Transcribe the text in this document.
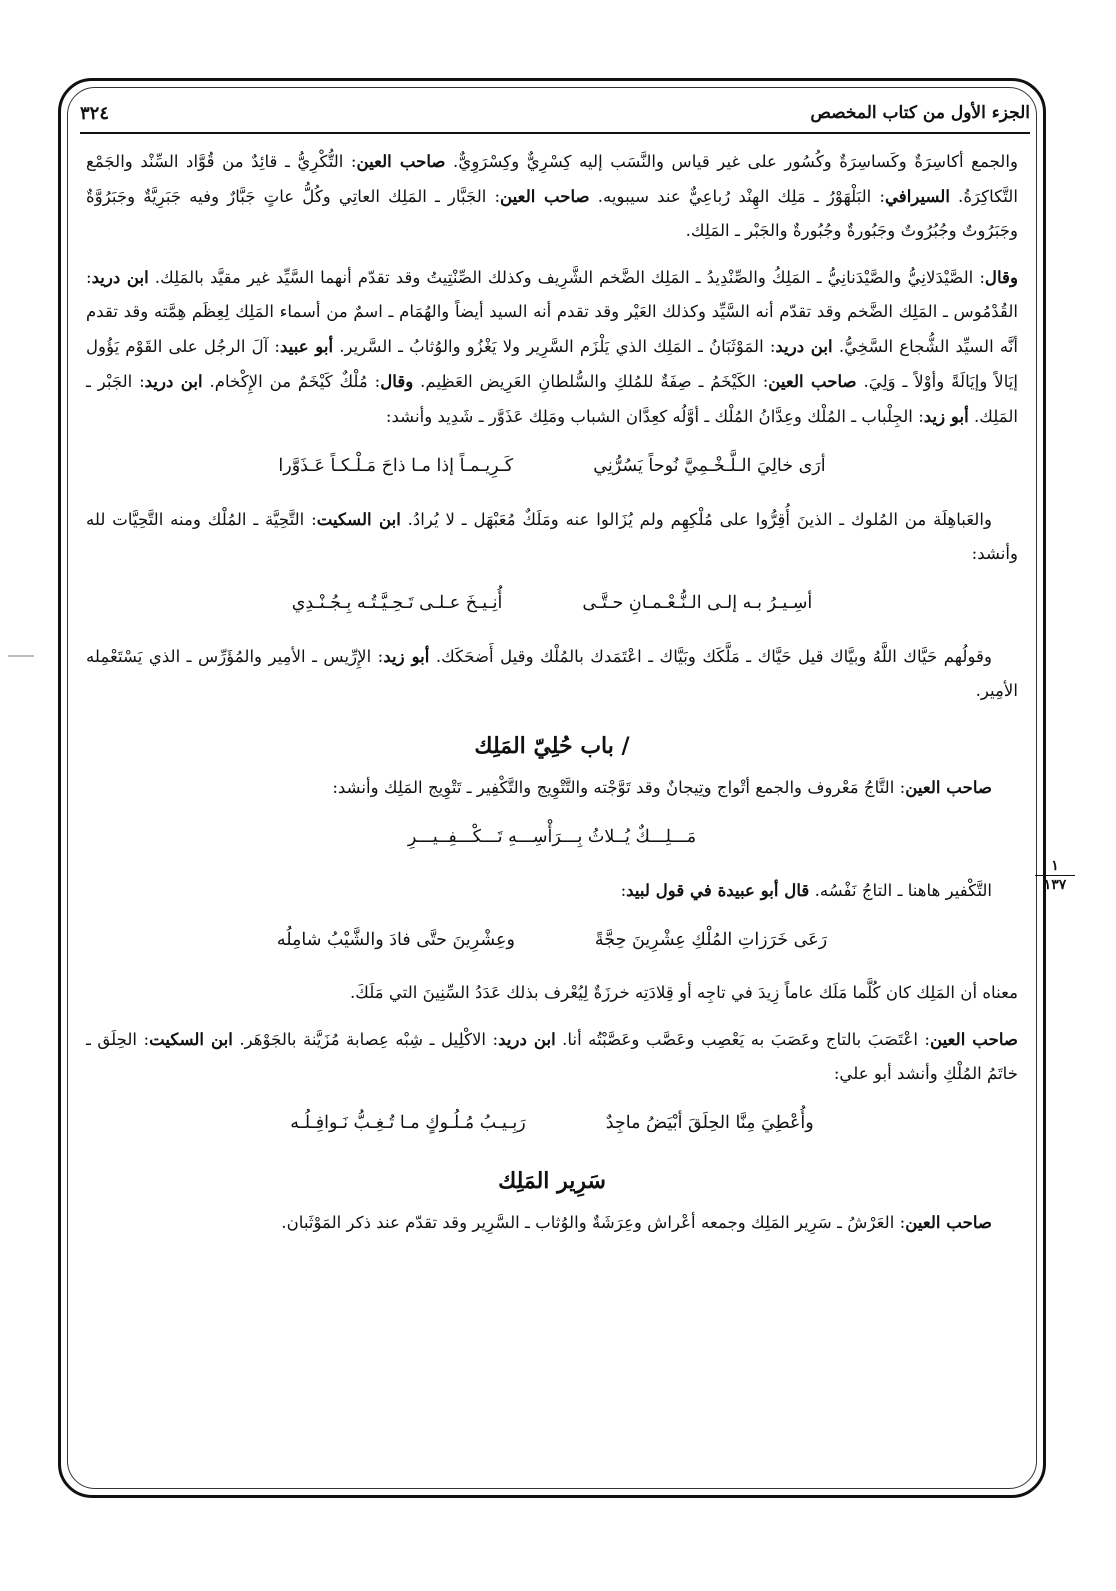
الجزء الأول من كتاب المخصص
٣٢٤
١
١٣٧

والجمع أكاسِرَةٌ وكَساسِرَةٌ وكُسُور على غير قياس والنَّسَب إليه كِسْرِيٌّ وكِسْرَوِيٌّ. صاحب العين: التُّكْرِيُّ ـ قائِدٌ من قُوَّاد السِّنْد والجَمْع التَّكاكِرَةُ. السيرافي: البَلْهَوْرُ ـ مَلِك الهِنْد رُباعِيٌّ عند سيبويه. صاحب العين: الجَبَّار ـ المَلِك العاتِي وكُلُّ عاتٍ جَبَّارٌ وفيه جَبَرِيَّةٌ وجَبَرُوَّةٌ وجَبَرُوتٌ وجُبُرُوتٌ وجَبُورةٌ وجُبُورةٌ والجَبْر ـ المَلِك.

وقال: الصَّيْدَلانِيُّ والصَّيْدَنانِيُّ ـ المَلِكُ والصِّنْدِيدُ ـ المَلِك الضَّخم الشَّرِيف وكذلك الصِّنْتِيتُ وقد تقدّم أنهما السَّيِّد غير مقيَّد بالمَلِك. ابن دريد: القُدْمُوس ـ المَلِك الضَّخم وقد تقدّم أنه السَّيِّد وكذلك العَيْر وقد تقدم أنه السيد أيضاً والهُمَام ـ اسمٌ من أسماء المَلِك لِعِظَم هِمَّته وقد تقدم أنَّه السيِّد الشُّجاع السَّخِيُّ. ابن دريد: المَوْثَبَانُ ـ المَلِك الذي يَلْزَم السَّرِير ولا يَغْزُو والوُثابُ ـ السَّرير. أبو عبيد: آلَ الرجُل على القَوْم يَؤُول إيَالاً وإيَالَةً وأوْلاً ـ وَلِيَ. صاحب العين: الكَيْخَمُ ـ صِفَةٌ للمُلكِ والسُّلطانِ العَرِيض العَظِيم. وقال: مُلْكٌ كَيْخَمٌ من الإِكْخام. ابن دريد: الجَبْر ـ المَلِك. أبو زيد: الجِلْباب ـ المُلْك وعِدَّانُ المُلْك ـ أوَّلُه كعِدَّان الشباب ومَلِك عَذَوَّر ـ شَدِيد وأنشد:

أرَى خالِيَ الـلَّـخْـمِيَّ نُوحاً يَسُرُّنِي
كَـرِيـمـاً إذا مـا ذاحَ مَـلْـكـاً عَـذَوَّرا

والعَباهِلَة من المُلوك ـ الذينَ أُقِرُّوا على مُلْكِهِم ولم يُزَالوا عنه ومَلَكٌ مُعَبْهَل ـ لا يُرادُ. ابن السكيت: التَّحِيَّة ـ المُلْك ومنه التَّحِيَّات لله وأنشد:

أسِـيـرُ بـه إلـى الـنُّـعْـمـانِ حـتَّـى
أُنِـيـخَ عـلـى تَـحِـيَّـتُـه بِـجُـنْـدِي

وقولُهم حَيَّاك اللَّهُ وبيَّاك قيل حَيَّاك ـ مَلَّكَك وبَيَّاك ـ اعْتَمَدك بالمُلْك وقيل أَضحَكَك. أبو زيد: الإِرِّيس ـ الأمِير والمُؤَرِّس ـ الذي يَسْتَعْمِله الأمِير.

/ باب حُلِيّ المَلِك

صاحب العين: التَّاجُ مَعْروف والجمع أتْواج وتِيجانٌ وقد تَوَّجْته والتَّتْوِيج والتَّكْفِير ـ تَتْوِيج المَلِك وأنشد:

مَـــلِـــكٌ يُــلاثُ بِـــرَأْسِـــهِ تَـــكْـــفِــيـــرِ

التَّكْفير هاهنا ـ التاجُ نَفْسُه. قال أبو عبيدة في قول لبيد:

رَعَى خَرَزاتِ المُلْكِ عِشْرِينَ حِجَّةً
وعِشْرِينَ حتَّى فادَ والشَّيْبُ شامِلُه

معناه أن المَلِك كان كُلَّما مَلَك عاماً زِيدَ في تاجِه أو قِلادَتِه خرزَةٌ لِيُعْرف بذلك عَدَدُ السِّنِينَ التي مَلَكَ.

صاحب العين: اعْتَصَبَ بالتاج وعَصَبَ به يَعْصِب وعَصَّب وعَصَّبْتُه أنا. ابن دريد: الاكْلِيل ـ شِبْه عِصابة مُزَيَّنة بالجَوْهَر. ابن السكيت: الحِلَق ـ خاتَمُ المُلْكِ وأنشد أبو علي:

وأُعْطِيَ مِنَّا الحِلَقَ أبْيَضُ ماجِدٌ
رَبِـيـبُ مُـلُـوكٍ مـا تُـغِـبُّ نَـوافِـلُـه
سَرِير المَلِك

صاحب العين: العَرْشُ ـ سَرِير المَلِك وجمعه أعْراش وعِرَشَةٌ والوُثاب ـ السَّرِير وقد تقدّم عند ذكر المَوْثَبان.
